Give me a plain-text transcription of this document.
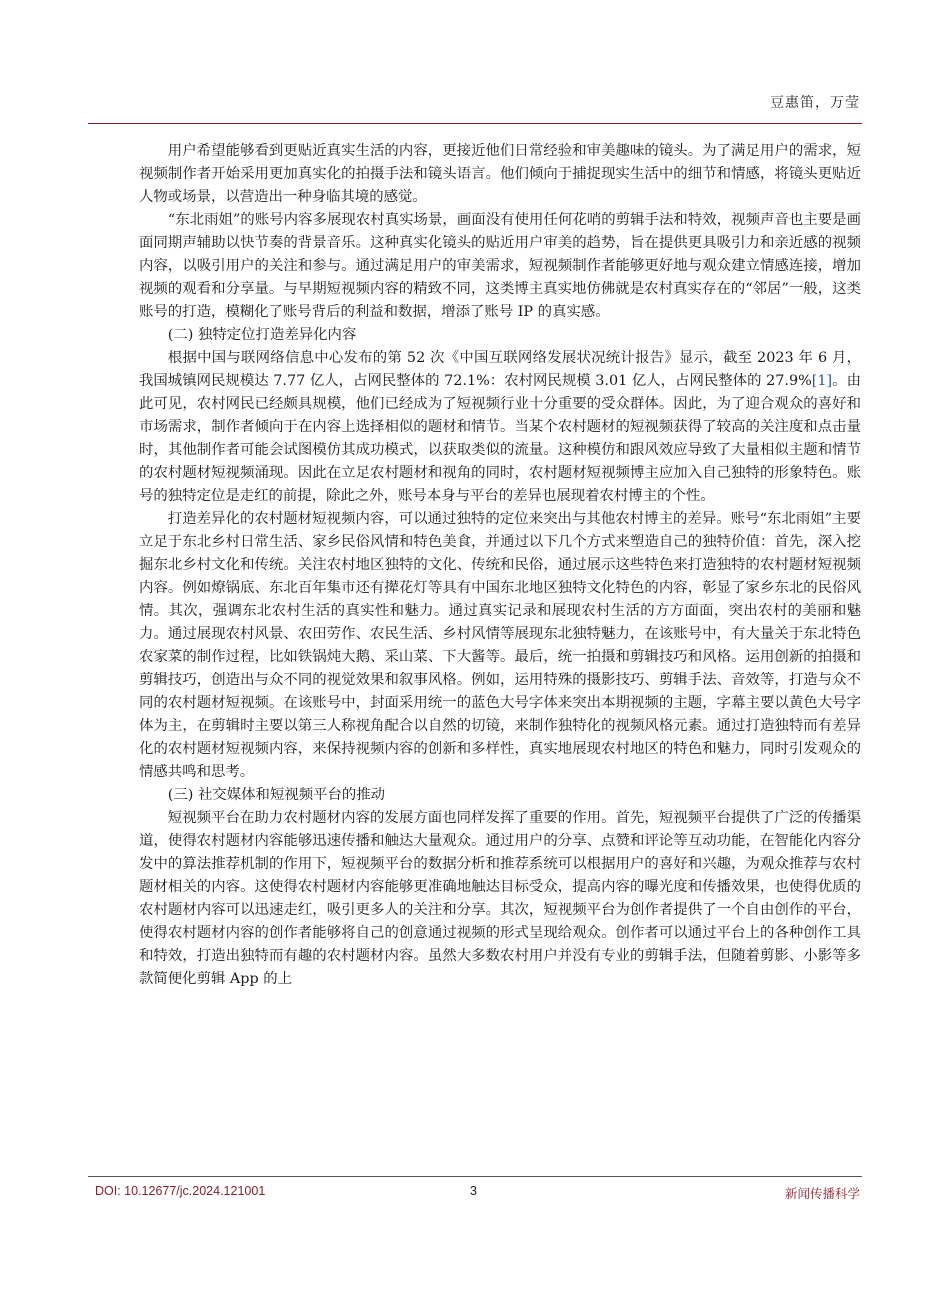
豆惠笛，万莹

用户希望能够看到更贴近真实生活的内容，更接近他们日常经验和审美趣味的镜头。为了满足用户的需求，短视频制作者开始采用更加真实化的拍摄手法和镜头语言。他们倾向于捕捉现实生活中的细节和情感，将镜头更贴近人物或场景，以营造出一种身临其境的感觉。

“东北雨姐”的账号内容多展现农村真实场景，画面没有使用任何花哨的剪辑手法和特效，视频声音也主要是画面同期声辅助以快节奏的背景音乐。这种真实化镜头的贴近用户审美的趋势，旨在提供更具吸引力和亲近感的视频内容，以吸引用户的关注和参与。通过满足用户的审美需求，短视频制作者能够更好地与观众建立情感连接，增加视频的观看和分享量。与早期短视频内容的精致不同，这类博主真实地仿佛就是农村真实存在的“邻居”一般，这类账号的打造，模糊化了账号背后的利益和数据，增添了账号 IP 的真实感。

(二) 独特定位打造差异化内容

根据中国与联网络信息中心发布的第 52 次《中国互联网络发展状况统计报告》显示，截至 2023 年 6 月，我国城镇网民规模达 7.77 亿人，占网民整体的 72.1%：农村网民规模 3.01 亿人，占网民整体的 27.9%[1]。由此可见，农村网民已经颇具规模，他们已经成为了短视频行业十分重要的受众群体。因此，为了迎合观众的喜好和市场需求，制作者倾向于在内容上选择相似的题材和情节。当某个农村题材的短视频获得了较高的关注度和点击量时，其他制作者可能会试图模仿其成功模式，以获取类似的流量。这种模仿和跟风效应导致了大量相似主题和情节的农村题材短视频涌现。因此在立足农村题材和视角的同时，农村题材短视频博主应加入自己独特的形象特色。账号的独特定位是走红的前提，除此之外，账号本身与平台的差异也展现着农村博主的个性。

打造差异化的农村题材短视频内容，可以通过独特的定位来突出与其他农村博主的差异。账号“东北雨姐”主要立足于东北乡村日常生活、家乡民俗风情和特色美食，并通过以下几个方式来塑造自己的独特价值：首先，深入挖掘东北乡村文化和传统。关注农村地区独特的文化、传统和民俗，通过展示这些特色来打造独特的农村题材短视频内容。例如燎锅底、东北百年集市还有撵花灯等具有中国东北地区独特文化特色的内容，彰显了家乡东北的民俗风情。其次，强调东北农村生活的真实性和魅力。通过真实记录和展现农村生活的方方面面，突出农村的美丽和魅力。通过展现农村风景、农田劳作、农民生活、乡村风情等展现东北独特魅力，在该账号中，有大量关于东北特色农家菜的制作过程，比如铁锅炖大鹅、采山菜、下大酱等。最后，统一拍摄和剪辑技巧和风格。运用创新的拍摄和剪辑技巧，创造出与众不同的视觉效果和叙事风格。例如，运用特殊的摄影技巧、剪辑手法、音效等，打造与众不同的农村题材短视频。在该账号中，封面采用统一的蓝色大号字体来突出本期视频的主题，字幕主要以黄色大号字体为主，在剪辑时主要以第三人称视角配合以自然的切镜，来制作独特化的视频风格元素。通过打造独特而有差异化的农村题材短视频内容，来保持视频内容的创新和多样性，真实地展现农村地区的特色和魅力，同时引发观众的情感共鸣和思考。

(三) 社交媒体和短视频平台的推动

短视频平台在助力农村题材内容的发展方面也同样发挥了重要的作用。首先，短视频平台提供了广泛的传播渠道，使得农村题材内容能够迅速传播和触达大量观众。通过用户的分享、点赞和评论等互动功能，在智能化内容分发中的算法推荐机制的作用下，短视频平台的数据分析和推荐系统可以根据用户的喜好和兴趣，为观众推荐与农村题材相关的内容。这使得农村题材内容能够更准确地触达目标受众，提高内容的曝光度和传播效果，也使得优质的农村题材内容可以迅速走红，吸引更多人的关注和分享。其次，短视频平台为创作者提供了一个自由创作的平台，使得农村题材内容的创作者能够将自己的创意通过视频的形式呈现给观众。创作者可以通过平台上的各种创作工具和特效，打造出独特而有趣的农村题材内容。虽然大多数农村用户并没有专业的剪辑手法，但随着剪影、小影等多款简便化剪辑 App 的上

DOI: 10.12677/jc.2024.121001	3	新闻传播科学
